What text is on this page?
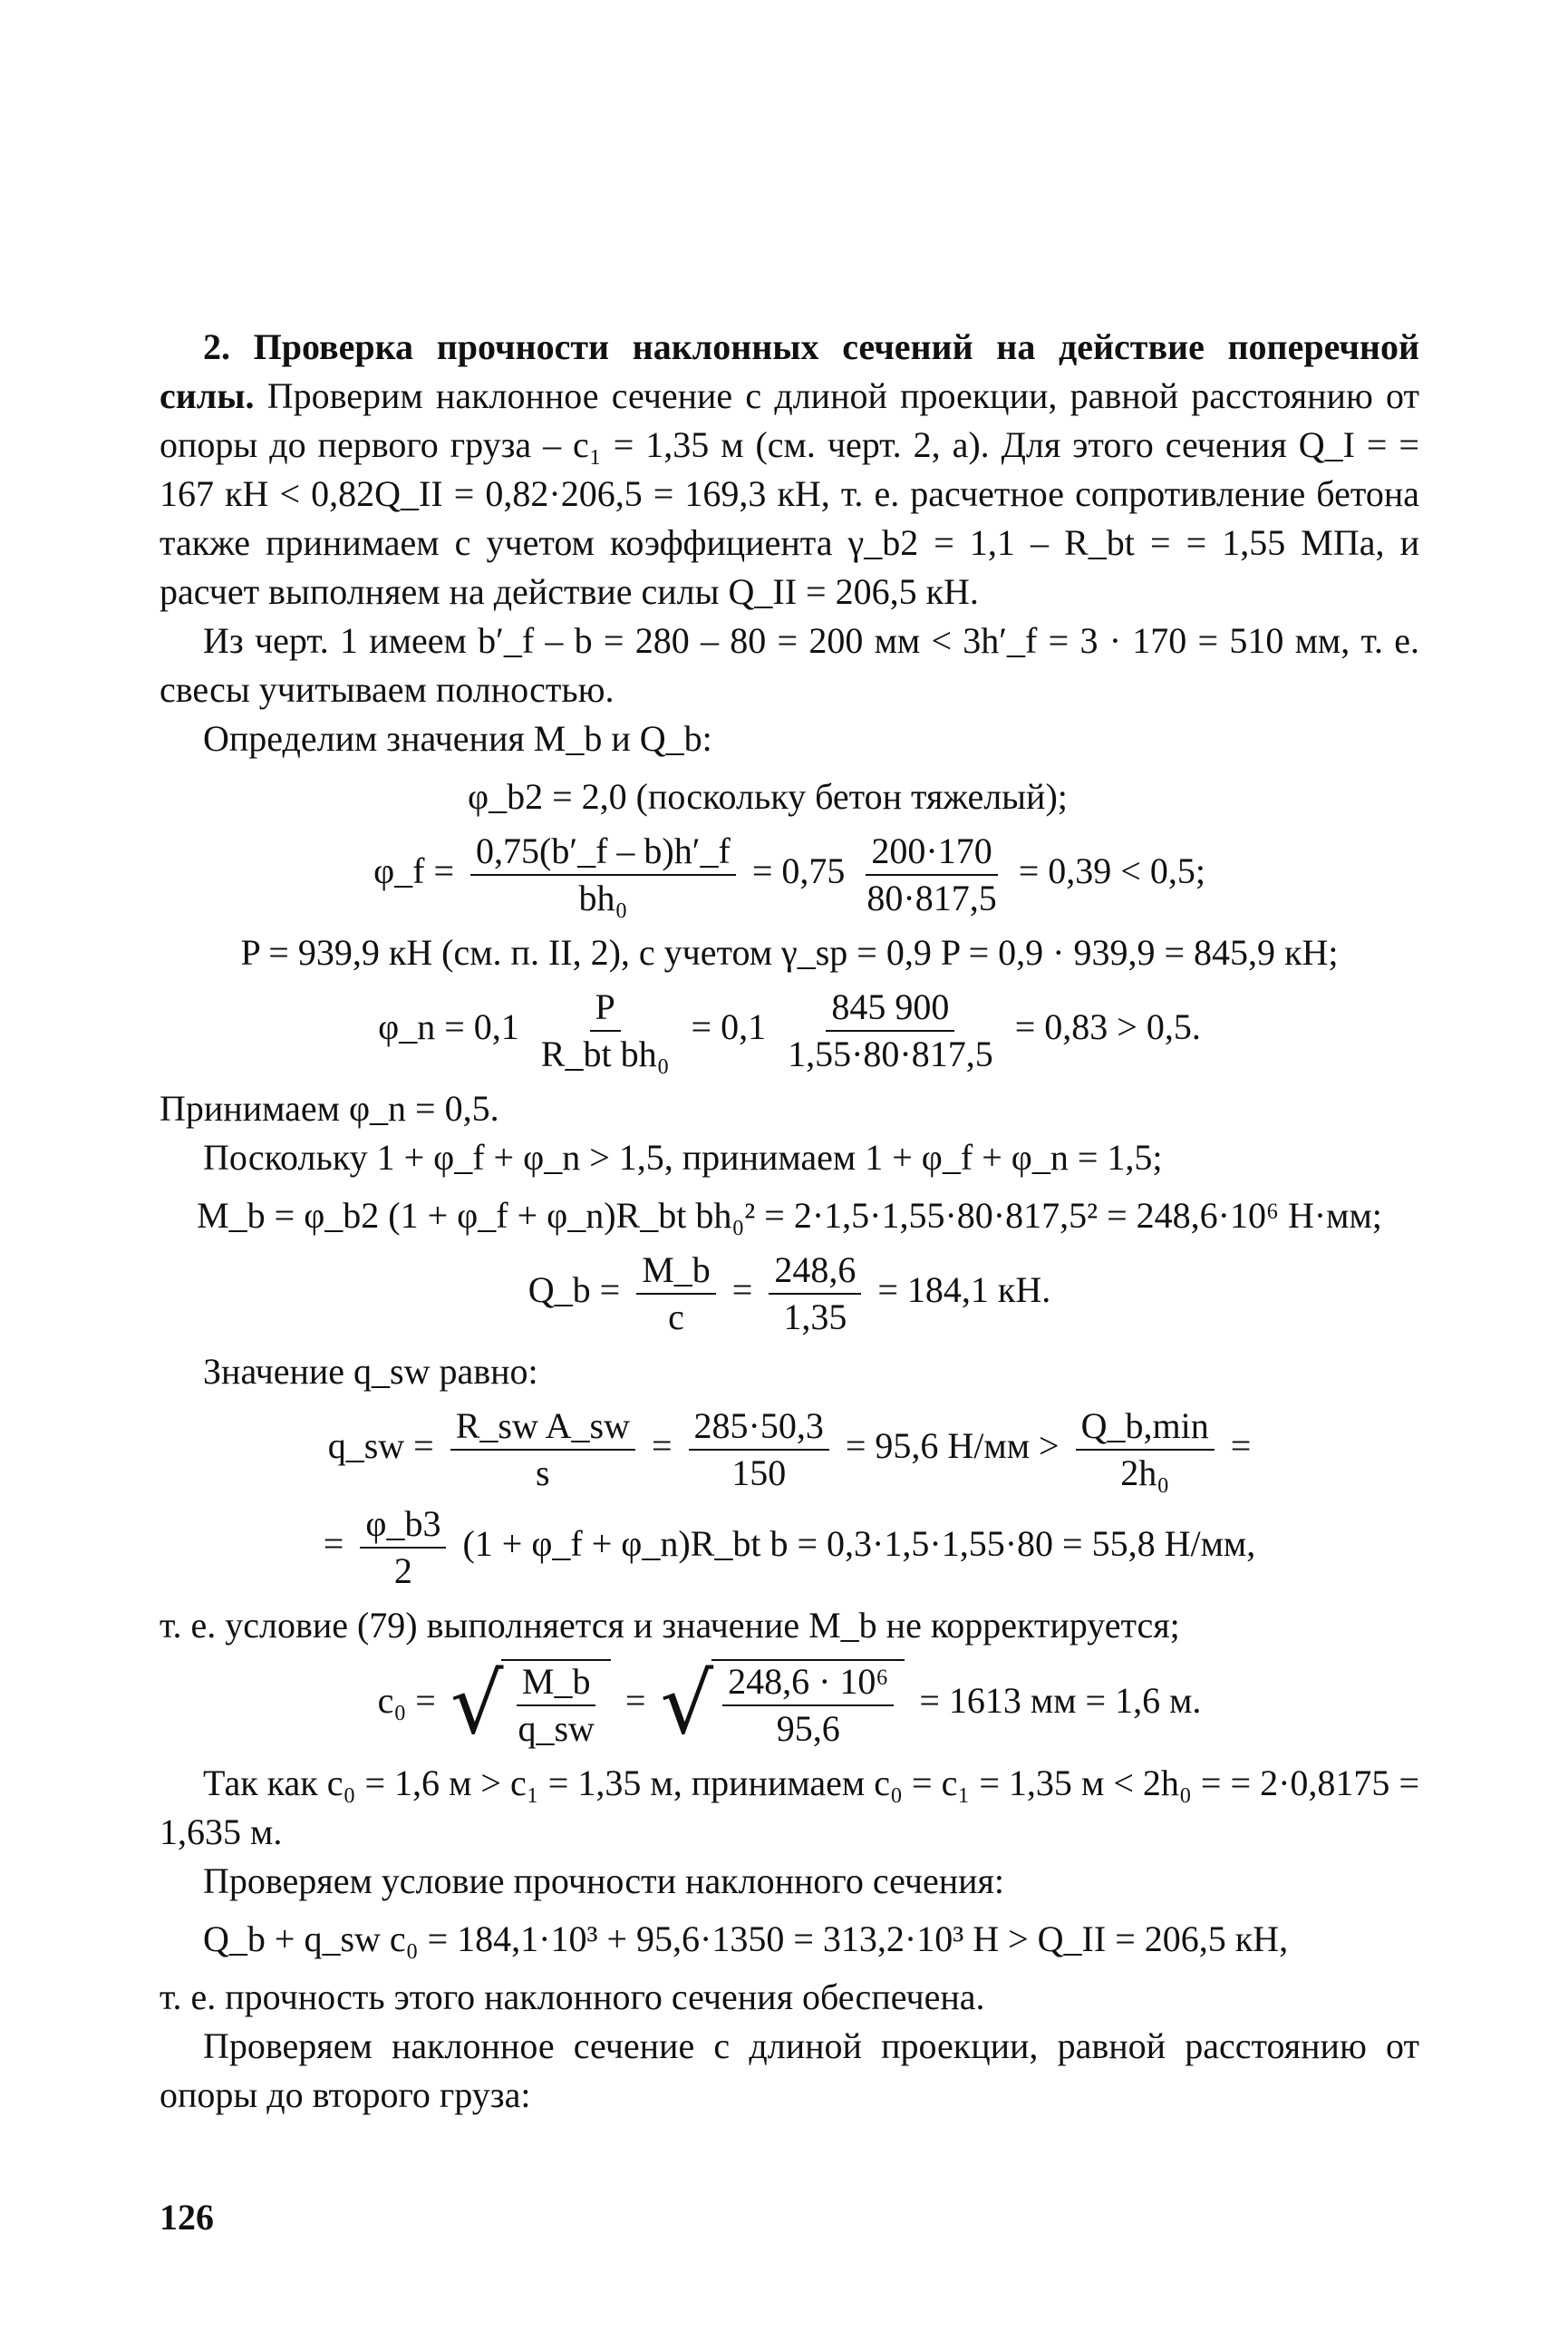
2. Проверка прочности наклонных сечений на действие поперечной силы. Проверим наклонное сечение с длиной проекции, равной расстоянию от опоры до первого груза – c₁ = 1,35 м (см. черт. 2, а). Для этого сечения Q_I = = 167 кН < 0,82Q_II = 0,82·206,5 = 169,3 кН, т. е. расчетное сопротивление бетона также принимаем с учетом коэффициента γ_b2 = 1,1 – R_bt = = 1,55 МПа, и расчет выполняем на действие силы Q_II = 206,5 кН.

Из черт. 1 имеем b′_f – b = 280 – 80 = 200 мм < 3h′_f = 3 · 170 = 510 мм, т. е. свесы учитываем полностью.

Определим значения M_b и Q_b:

φ_b2 = 2,0 (поскольку бетон тяжелый);
φ_f = $\frac{0,75(b'\_f - b)h'\_f}{\text{bh₀}} = 0,75 \frac{200\cdot 170}{80\cdot 817,5} = 0,39 < 0,5$;
P = 939,9 кН (см. п. II, 2), с учетом γ_sp = 0,9 P = 0,9 · 939,9 = 845,9 кН;
φ_n = $0,1 \frac{P}{\text{R\_bt bh₀}} = 0,1 \frac{845 900}{1,55\cdot 80\cdot 817,5} = 0,83 > 0,5$.

Принимаем φ_n = 0,5.

Поскольку 1 + φ_f + φ_n > 1,5, принимаем 1 + φ_f + φ_n = 1,5;

M_b = φ_b2 (1 + φ_f + φ_n)R_bt bh₀² = 2·1,5·1,55·80·817,5² = 248,6·10⁶ Н·мм;
Q_b = $\frac{M\_b}{c} = \frac{248,6}{1,35} = 184,1$ кН.

Значение q_sw равно:

q_sw = $\frac{\text{R\_sw A\_sw}}{s} = \frac{285\cdot 50,3}{150} = 95,6$ $Н/мм > \frac{Q\_b,\min}{\text{2h₀}}$ =
= $\frac{\varphi\_b3}{2} (1$ + φ_f + φ_n)R_bt b = 0,3·1,5·1,55·80 = 55,8 Н/мм,

т. е. условие (79) выполняется и значение M_b не корректируется;

c₀ = √ $\frac{M\_b}{q\_sw}$ = √ $\frac{\text{248,6 · 10⁶}}{95,6} = 1613$ мм = 1,6 м.

Так как c₀ = 1,6 м > c₁ = 1,35 м, принимаем c₀ = c₁ = 1,35 м < 2h₀ = = 2·0,8175 = 1,635 м.

Проверяем условие прочности наклонного сечения:

Q_b + q_sw c₀ = 184,1·10³ + 95,6·1350 = 313,2·10³ Н > Q_II = 206,5 кН,

т. е. прочность этого наклонного сечения обеспечена.

Проверяем наклонное сечение с длиной проекции, равной расстоянию от опоры до второго груза:

126
